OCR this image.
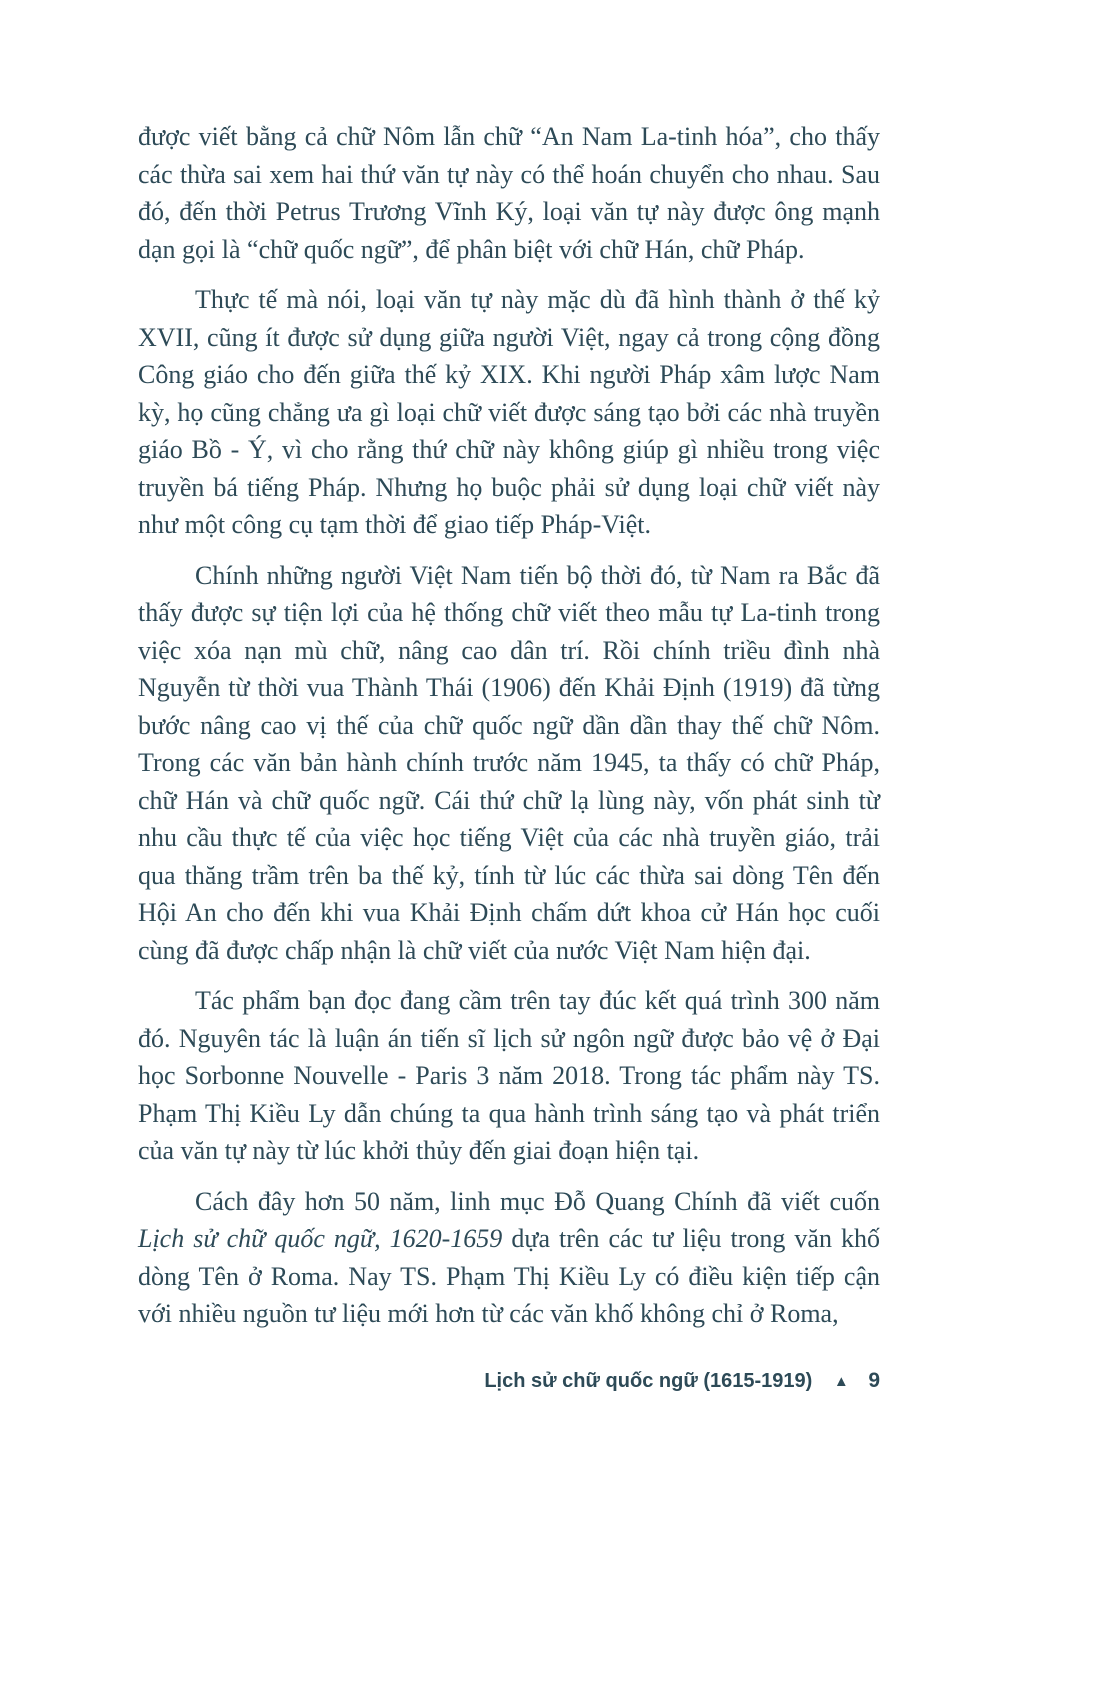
được viết bằng cả chữ Nôm lẫn chữ “An Nam La-tinh hóa”, cho thấy các thừa sai xem hai thứ văn tự này có thể hoán chuyển cho nhau. Sau đó, đến thời Petrus Trương Vĩnh Ký, loại văn tự này được ông mạnh dạn gọi là “chữ quốc ngữ”, để phân biệt với chữ Hán, chữ Pháp.

Thực tế mà nói, loại văn tự này mặc dù đã hình thành ở thế kỷ XVII, cũng ít được sử dụng giữa người Việt, ngay cả trong cộng đồng Công giáo cho đến giữa thế kỷ XIX. Khi người Pháp xâm lược Nam kỳ, họ cũng chẳng ưa gì loại chữ viết được sáng tạo bởi các nhà truyền giáo Bồ - Ý, vì cho rằng thứ chữ này không giúp gì nhiều trong việc truyền bá tiếng Pháp. Nhưng họ buộc phải sử dụng loại chữ viết này như một công cụ tạm thời để giao tiếp Pháp-Việt.

Chính những người Việt Nam tiến bộ thời đó, từ Nam ra Bắc đã thấy được sự tiện lợi của hệ thống chữ viết theo mẫu tự La-tinh trong việc xóa nạn mù chữ, nâng cao dân trí. Rồi chính triều đình nhà Nguyễn từ thời vua Thành Thái (1906) đến Khải Định (1919) đã từng bước nâng cao vị thế của chữ quốc ngữ dần dần thay thế chữ Nôm. Trong các văn bản hành chính trước năm 1945, ta thấy có chữ Pháp, chữ Hán và chữ quốc ngữ. Cái thứ chữ lạ lùng này, vốn phát sinh từ nhu cầu thực tế của việc học tiếng Việt của các nhà truyền giáo, trải qua thăng trầm trên ba thế kỷ, tính từ lúc các thừa sai dòng Tên đến Hội An cho đến khi vua Khải Định chấm dứt khoa cử Hán học cuối cùng đã được chấp nhận là chữ viết của nước Việt Nam hiện đại.

Tác phẩm bạn đọc đang cầm trên tay đúc kết quá trình 300 năm đó. Nguyên tác là luận án tiến sĩ lịch sử ngôn ngữ được bảo vệ ở Đại học Sorbonne Nouvelle - Paris 3 năm 2018. Trong tác phẩm này TS. Phạm Thị Kiều Ly dẫn chúng ta qua hành trình sáng tạo và phát triển của văn tự này từ lúc khởi thủy đến giai đoạn hiện tại.

Cách đây hơn 50 năm, linh mục Đỗ Quang Chính đã viết cuốn Lịch sử chữ quốc ngữ, 1620-1659 dựa trên các tư liệu trong văn khố dòng Tên ở Roma. Nay TS. Phạm Thị Kiều Ly có điều kiện tiếp cận với nhiều nguồn tư liệu mới hơn từ các văn khố không chỉ ở Roma,

Lịch sử chữ quốc ngữ (1615-1919) ▲ 9
